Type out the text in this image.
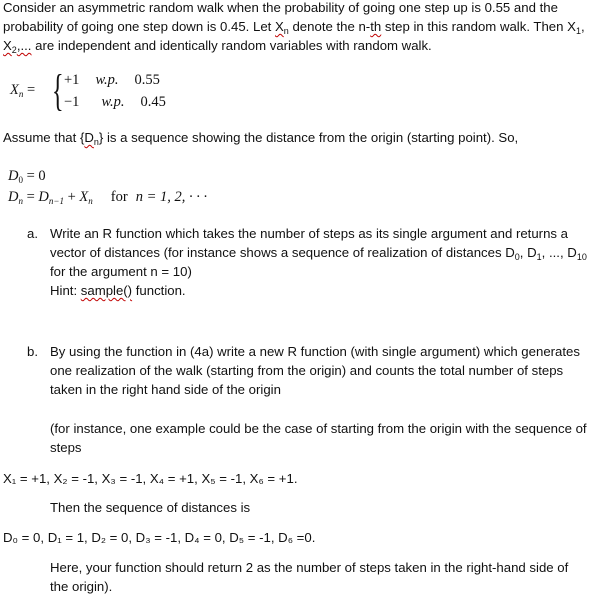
Consider an asymmetric random walk when the probability of going one step up is 0.55 and the
probability of going one step down is 0.45. Let $X_n$ denote the n-th step in this random walk. Then $X_1$,
$X_2$,... are independent and identically random variables with random walk.
$X_n$ = { +1 w.p. 0.55
−1 w.p. 0.45
Assume that $\{D_n\}$ is a sequence showing the distance from the origin (starting point). So,
$D_0 = 0$
$D_n = D_{n-1} + X_n$ for n = 1, 2, · · ·
a. Write an R function which takes the number of steps as its single argument and returns a
vector of distances (for instance shows a sequence of realization of distances $D_0$, $D_1$, ..., $D_{10}$
for the argument n = 10)
Hint: sample() function.
b. By using the function in (4a) write a new R function (with single argument) which generates
one realization of the walk (starting from the origin) and counts the total number of steps
taken in the right hand side of the origin
(for instance, one example could be the case of starting from the origin with the sequence of
steps
X₁ = +1, X₂ = -1, X₃ = -1, X₄ = +1, X₅ = -1, X₆ = +1.
Then the sequence of distances is
D₀ = 0, D₁ = 1, D₂ = 0, D₃ = -1, D₄ = 0, D₅ = -1, D₆ =0.
Here, your function should return 2 as the number of steps taken in the right-hand side of
the origin).
